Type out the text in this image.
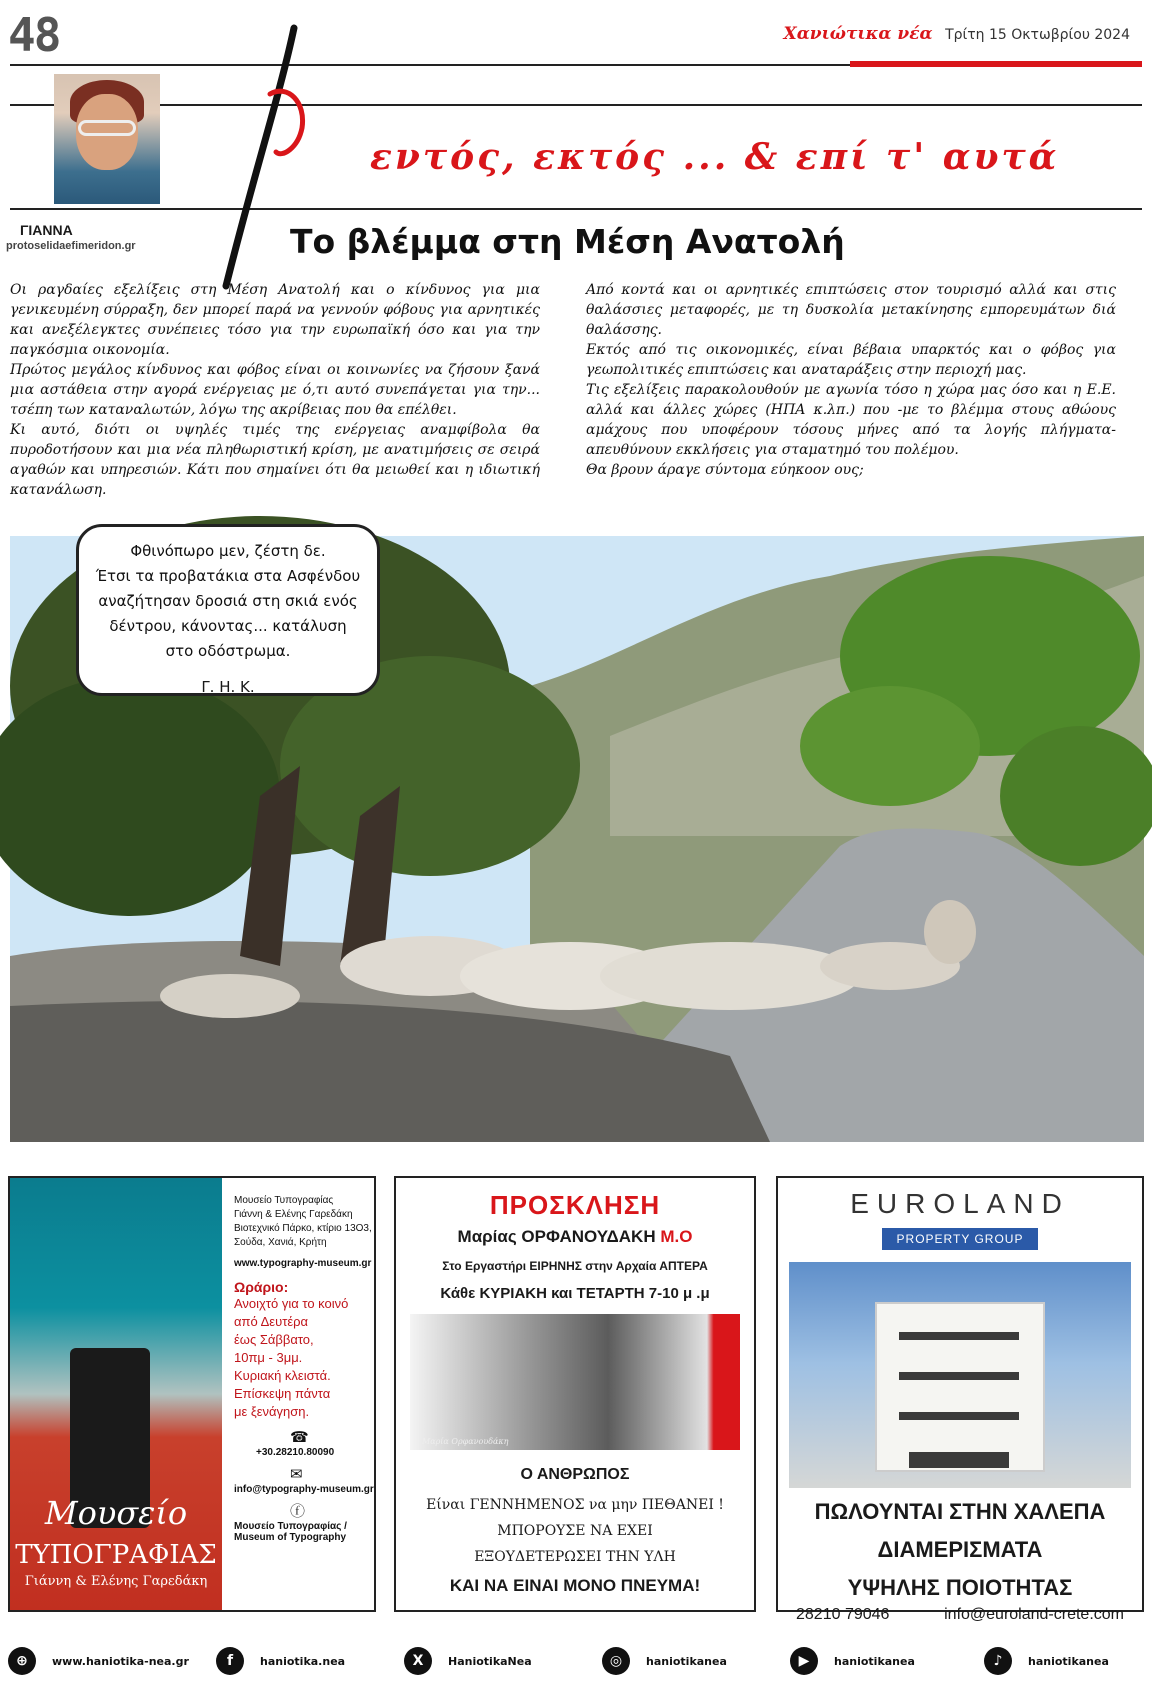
48	Χανιώτικα νέα Τρίτη 15 Οκτωβρίου 2024
εντός, εκτός ... & επί τ' αυτά
ΓΙΑΝΝΑ
protoselidaefimeridon.gr	Το βλέμμα στη Μέση Ανατολή

Οι ραγδαίες εξελίξεις στη Μέση Ανατολή και ο κίνδυνος για μια γενικευμένη σύρραξη, δεν μπορεί παρά να γεννούν φόβους για αρνητικές και ανεξέλεγκτες συνέπειες τόσο για την ευρωπαϊκή όσο και για την παγκόσμια οικονομία.

Πρώτος μεγάλος κίνδυνος και φόβος είναι οι κοινωνίες να ζήσουν ξανά μια αστάθεια στην αγορά ενέργειας με ό,τι αυτό συνεπάγεται για την... τσέπη των καταναλωτών, λόγω της ακρίβειας που θα επέλθει.

Κι αυτό, διότι οι υψηλές τιμές της ενέργειας αναμφίβολα θα πυροδοτήσουν και μια νέα πληθωριστική κρίση, με ανατιμήσεις σε σειρά αγαθών και υπηρεσιών. Κάτι που σημαίνει ότι θα μειωθεί και η ιδιωτική κατανάλωση.

Από κοντά και οι αρνητικές επιπτώσεις στον τουρισμό αλλά και στις θαλάσσιες μεταφορές, με τη δυσκολία μετακίνησης εμπορευμάτων διά θαλάσσης.

Εκτός από τις οικονομικές, είναι βέβαια υπαρκτός και ο φόβος για γεωπολιτικές επιπτώσεις και αναταράξεις στην περιοχή μας.

Τις εξελίξεις παρακολουθούν με αγωνία τόσο η χώρα μας όσο και η Ε.Ε. αλλά και άλλες χώρες (ΗΠΑ κ.λπ.) που -με το βλέμμα στους αθώους αμάχους που υποφέρουν τόσους μήνες από τα λογής πλήγματα- απευθύνουν εκκλήσεις για σταματημό του πολέμου.

Θα βρουν άραγε σύντομα εύηκοον ους;

Φθινόπωρο μεν, ζέστη δε.
Έτσι τα προβατάκια στα Ασφένδου
αναζήτησαν δροσιά στη σκιά ενός
δέντρου, κάνοντας... κατάλυση
στο οδόστρωμα.
Γ. Η. Κ.
Μουσείο
ΤΥΠΟΓΡΑΦΙΑΣ
Γιάννη & Ελένης Γαρεδάκη
Μουσείο Τυπογραφίας
Γιάννη & Ελένης Γαρεδάκη
Βιοτεχνικό Πάρκο, κτίριο 13Ο3,
Σούδα, Χανιά, Κρήτη
www.typography-museum.gr
Ωράριο:
Ανοιχτό για το κοινό
από Δευτέρα
έως Σάββατο,
10πμ - 3μμ.
Κυριακή κλειστά.
Επίσκεψη πάντα
με ξενάγηση.
☎
+30.28210.80090
✉
info@typography-museum.gr
ⓕ
Μουσείο Τυπογραφίας /
Museum of Typography
ΠΡΟΣΚΛΗΣΗ
Μαρίας ΟΡΦΑΝΟΥΔΑΚΗ Μ.Ο
Στο Εργαστήρι ΕΙΡΗΝΗΣ στην Αρχαία ΑΠΤΕΡΑ
Κάθε ΚΥΡΙΑΚΗ και ΤΕΤΑΡΤΗ 7-10 μ .μ
Μαρία Ορφανουδάκη
Ο ΑΝΘΡΩΠΟΣ
Είναι ΓΕΝΝΗΜΕΝΟΣ να μην ΠΕΘΑΝΕΙ !
ΜΠΟΡΟΥΣΕ ΝΑ ΕΧΕΙ
ΕΞΟΥΔΕΤΕΡΩΣΕΙ ΤΗΝ ΥΛΗ
ΚΑΙ ΝΑ ΕΙΝΑΙ ΜΟΝΟ ΠΝΕΥΜΑ!
EUROLAND
PROPERTY GROUP
ΠΩΛΟΥΝΤΑΙ ΣΤΗΝ ΧΑΛΕΠΑ
ΔΙΑΜΕΡΙΣΜΑΤΑ
ΥΨΗΛΗΣ ΠΟΙΟΤΗΤΑΣ
28210 79046	info@euroland-crete.com
⊕	www.haniotika-nea.gr	f	haniotika.nea	X	HaniotikaNea	◎	haniotikanea	▶	haniotikanea	♪	haniotikanea
